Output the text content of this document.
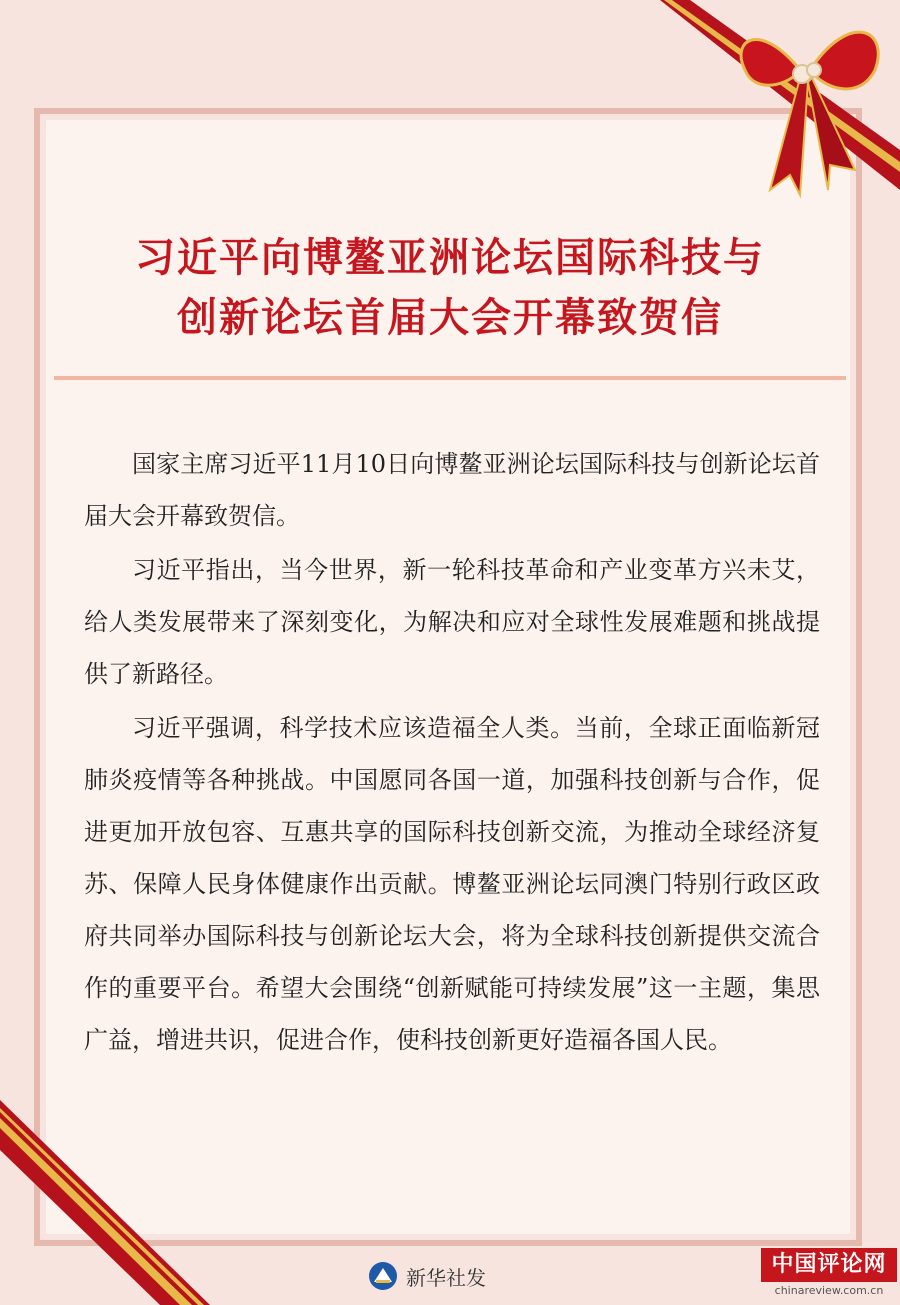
习近平向博鳌亚洲论坛国际科技与
创新论坛首届大会开幕致贺信

国家主席习近平11月10日向博鳌亚洲论坛国际科技与创新论坛首届大会开幕致贺信。

习近平指出，当今世界，新一轮科技革命和产业变革方兴未艾，给人类发展带来了深刻变化，为解决和应对全球性发展难题和挑战提供了新路径。

习近平强调，科学技术应该造福全人类。当前，全球正面临新冠肺炎疫情等各种挑战。中国愿同各国一道，加强科技创新与合作，促进更加开放包容、互惠共享的国际科技创新交流，为推动全球经济复苏、保障人民身体健康作出贡献。博鳌亚洲论坛同澳门特别行政区政府共同举办国际科技与创新论坛大会，将为全球科技创新提供交流合作的重要平台。希望大会围绕“创新赋能可持续发展”这一主题，集思广益，增进共识，促进合作，使科技创新更好造福各国人民。

新华社发
中国评论网
chinareview.com.cn
